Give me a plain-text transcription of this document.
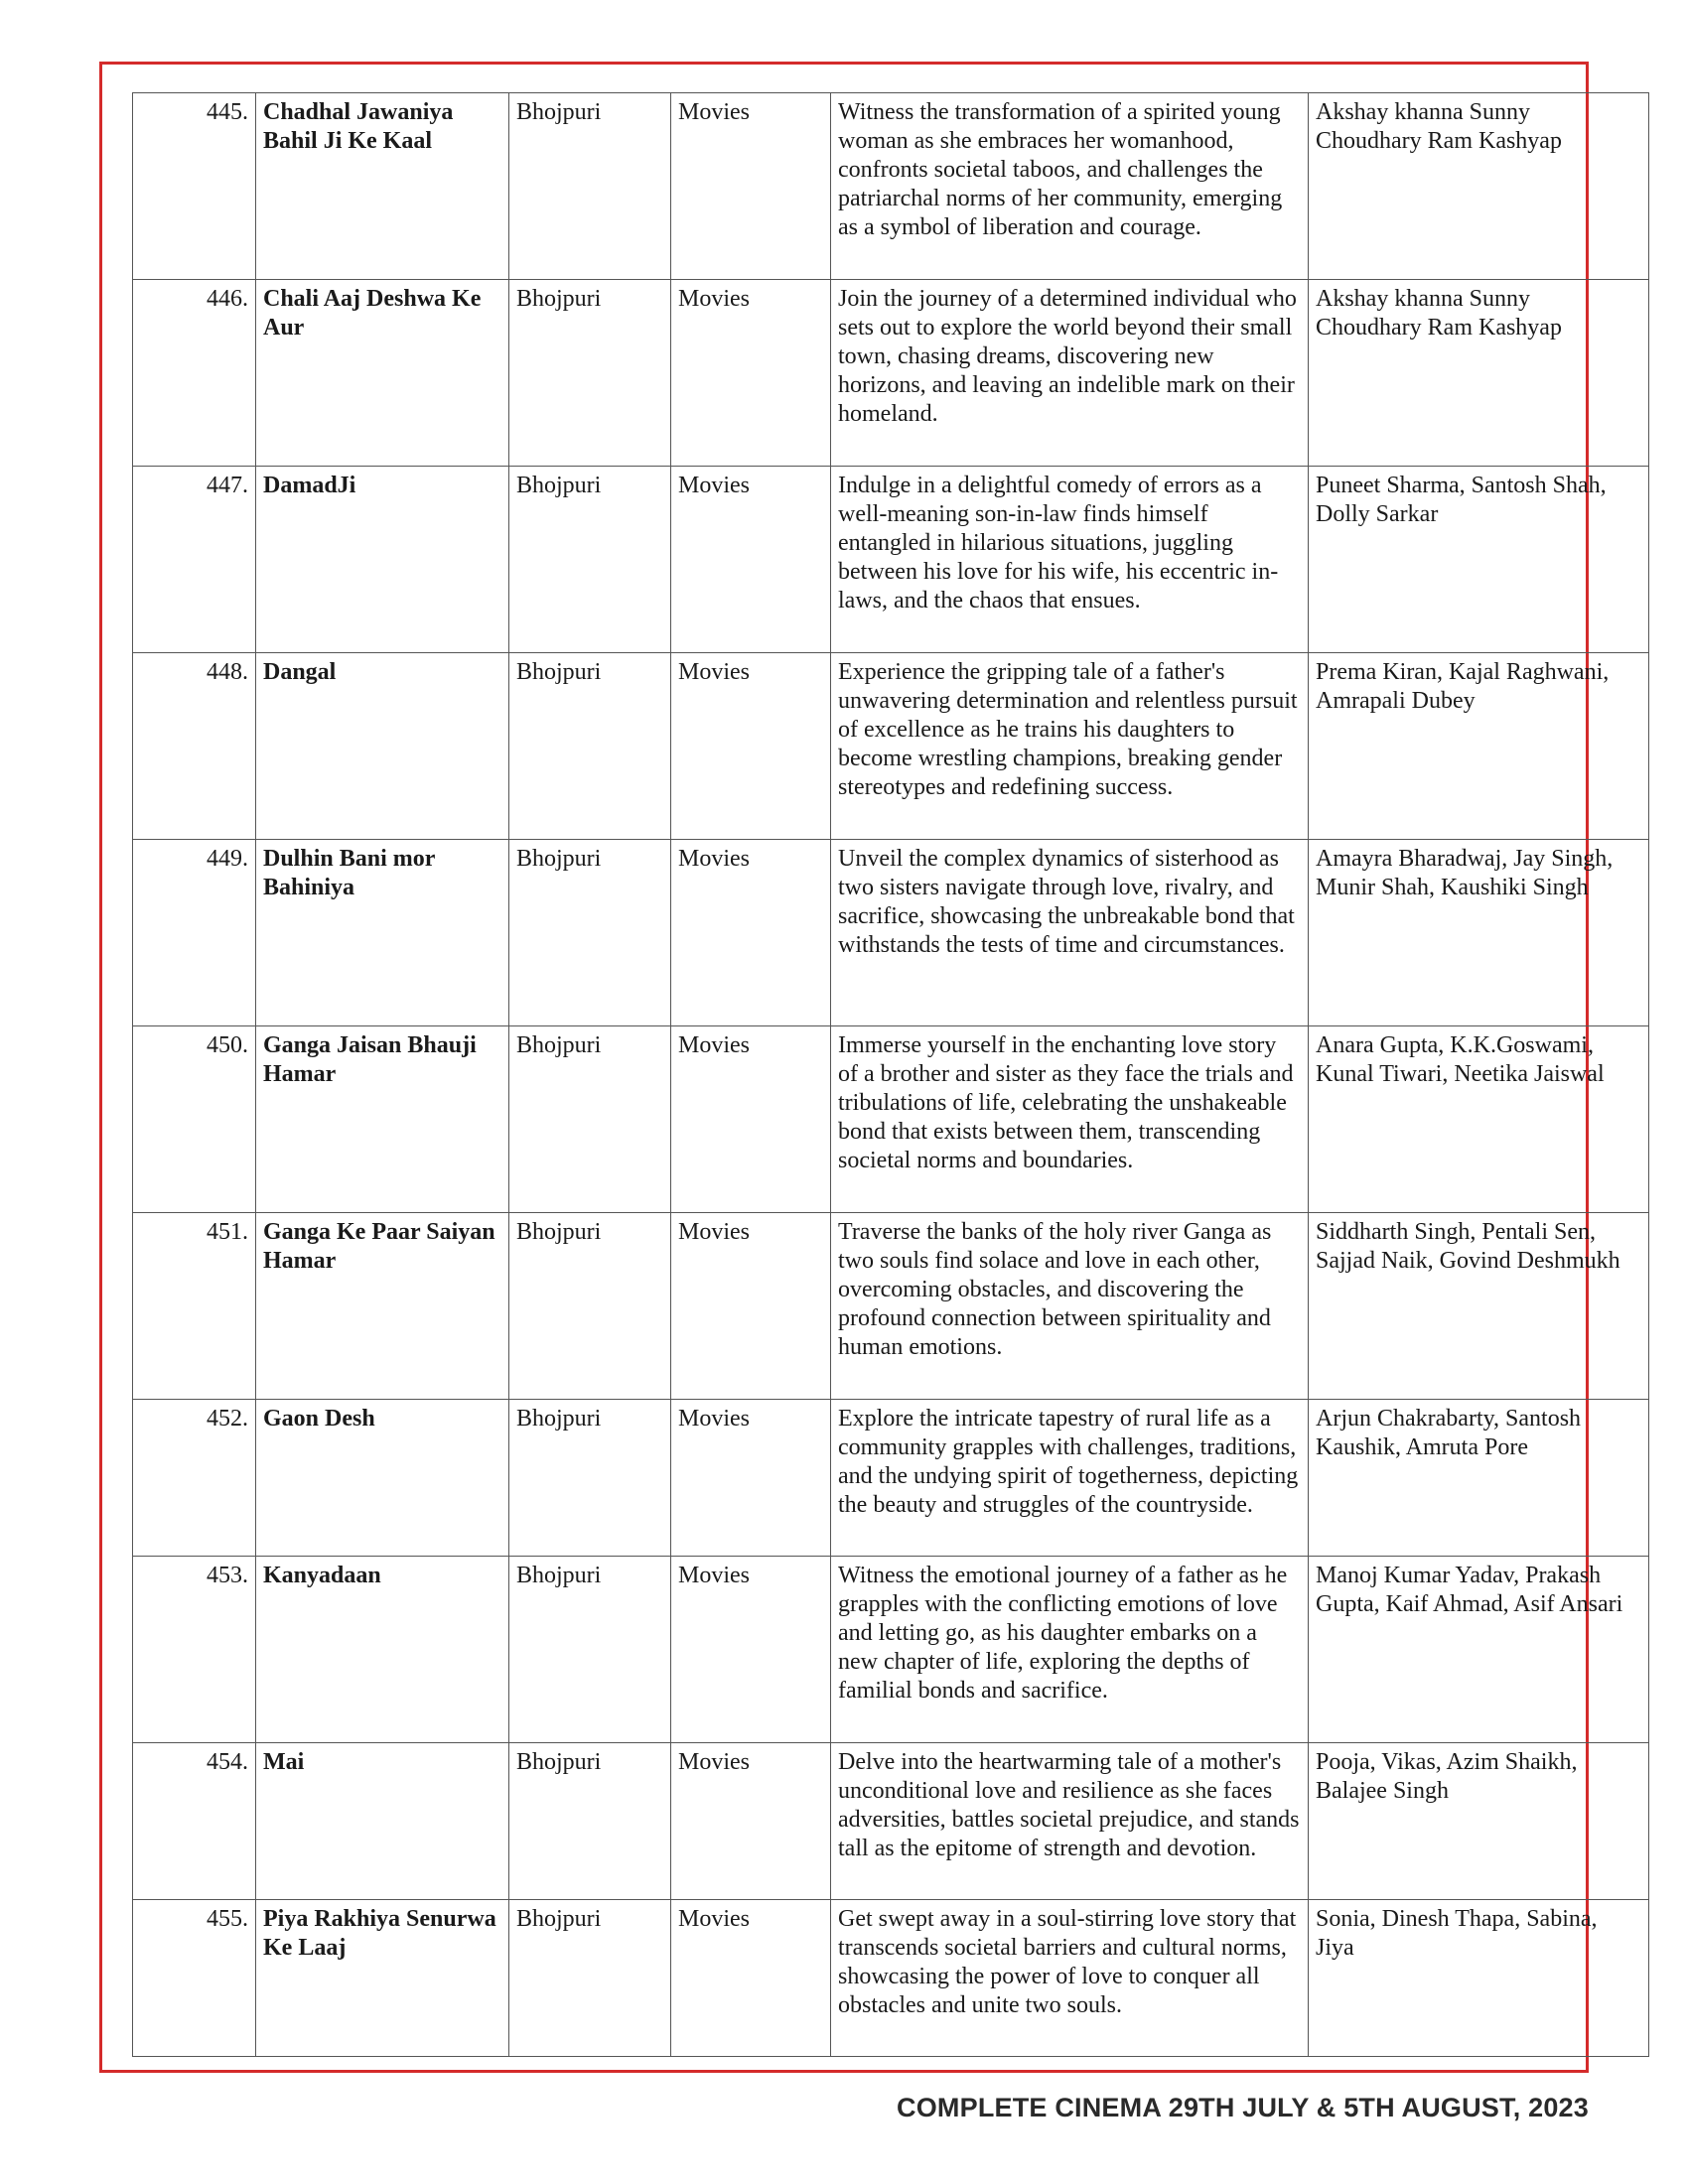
445.	Chadhal Jawaniya Bahil Ji Ke Kaal	Bhojpuri	Movies	Witness the transformation of a spirited young woman as she embraces her womanhood, confronts societal taboos, and challenges the patriarchal norms of her community, emerging as a symbol of liberation and courage.	Akshay khanna Sunny Choudhary Ram Kashyap
446.	Chali Aaj Deshwa Ke Aur	Bhojpuri	Movies	Join the journey of a determined individual who sets out to explore the world beyond their small town, chasing dreams, discovering new horizons, and leaving an indelible mark on their homeland.	Akshay khanna Sunny Choudhary Ram Kashyap
447.	DamadJi	Bhojpuri	Movies	Indulge in a delightful comedy of errors as a well-meaning son-in-law finds himself entangled in hilarious situations, juggling between his love for his wife, his eccentric in-laws, and the chaos that ensues.	Puneet Sharma, Santosh Shah, Dolly Sarkar
448.	Dangal	Bhojpuri	Movies	Experience the gripping tale of a father's unwavering determination and relentless pursuit of excellence as he trains his daughters to become wrestling champions, breaking gender stereotypes and redefining success.	Prema Kiran, Kajal Raghwani, Amrapali Dubey
449.	Dulhin Bani mor Bahiniya	Bhojpuri	Movies	Unveil the complex dynamics of sisterhood as two sisters navigate through love, rivalry, and sacrifice, showcasing the unbreakable bond that withstands the tests of time and circumstances.	Amayra Bharadwaj, Jay Singh, Munir Shah, Kaushiki Singh
450.	Ganga Jaisan Bhauji Hamar	Bhojpuri	Movies	Immerse yourself in the enchanting love story of a brother and sister as they face the trials and tribulations of life, celebrating the unshakeable bond that exists between them, transcending societal norms and boundaries.	Anara Gupta, K.K.Goswami, Kunal Tiwari, Neetika Jaiswal
451.	Ganga Ke Paar Saiyan Hamar	Bhojpuri	Movies	Traverse the banks of the holy river Ganga as two souls find solace and love in each other, overcoming obstacles, and discovering the profound connection between spirituality and human emotions.	Siddharth Singh, Pentali Sen, Sajjad Naik, Govind Deshmukh
452.	Gaon Desh	Bhojpuri	Movies	Explore the intricate tapestry of rural life as a community grapples with challenges, traditions, and the undying spirit of togetherness, depicting the beauty and struggles of the countryside.	Arjun Chakrabarty, Santosh Kaushik, Amruta Pore
453.	Kanyadaan	Bhojpuri	Movies	Witness the emotional journey of a father as he grapples with the conflicting emotions of love and letting go, as his daughter embarks on a new chapter of life, exploring the depths of familial bonds and sacrifice.	Manoj Kumar Yadav, Prakash Gupta, Kaif Ahmad, Asif Ansari
454.	Mai	Bhojpuri	Movies	Delve into the heartwarming tale of a mother's unconditional love and resilience as she faces adversities, battles societal prejudice, and stands tall as the epitome of strength and devotion.	Pooja, Vikas, Azim Shaikh, Balajee Singh
455.	Piya Rakhiya Senurwa Ke Laaj	Bhojpuri	Movies	Get swept away in a soul-stirring love story that transcends societal barriers and cultural norms, showcasing the power of love to conquer all obstacles and unite two souls.	Sonia, Dinesh Thapa, Sabina, Jiya
COMPLETE CINEMA 29TH JULY & 5TH AUGUST, 2023
